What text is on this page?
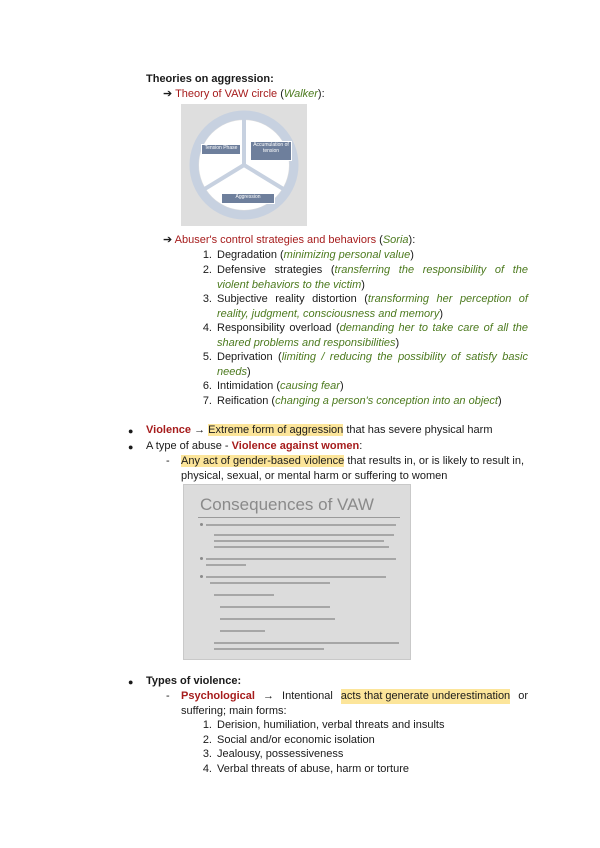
Theories on aggression:
➔ Theory of VAW circle (Walker):
Tension Phase	Accumulation of tension
Aggression
➔ Abuser's control strategies and behaviors (Soria):
1. Degradation (minimizing personal value)
2. Defensive strategies (transferring the responsibility of the violent behaviors to the victim)
3. Subjective reality distortion (transforming her perception of reality, judgment, consciousness and memory)
4. Responsibility overload (demanding her to take care of all the shared problems and responsibilities)
5. Deprivation (limiting / reducing the possibility of satisfy basic needs)
6. Intimidation (causing fear)
7. Reification (changing a person's conception into an object)
● Violence → Extreme form of aggression that has severe physical harm
● A type of abuse - Violence against women:
- Any act of gender-based violence that results in, or is likely to result in,
physical, sexual, or mental harm or suffering to women
Consequences of VAW
● Types of violence:
- Psychological → Intentional acts that generate underestimation or
suffering; main forms:
1. Derision, humiliation, verbal threats and insults
2. Social and/or economic isolation
3. Jealousy, possessiveness
4. Verbal threats of abuse, harm or torture
